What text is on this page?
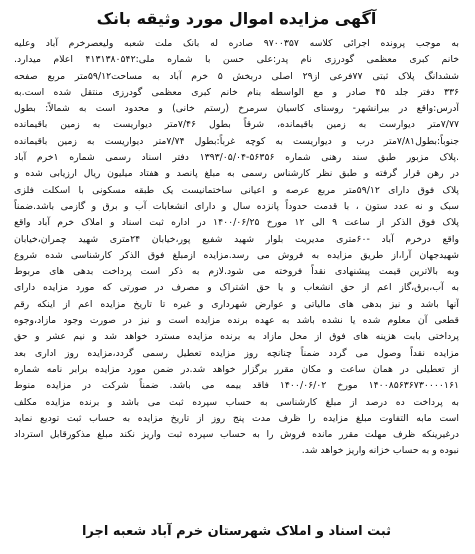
آگهی مزایده اموال مورد وثیقه بانک
به موجب پرونده اجرائی کلاسه ۹۷۰۰۳۵۷ صادره له بانک ملت شعبه ولیعصرخرم آباد وعلیه
خانم کبری معظمی گودرزی نام پدر:علی حسن با شماره ملی:۴۱۳۱۳۸۰۵۴۲ اعلام میدارد.
ششدانگ پلاک ثبتی ۷۷فرعی از۲۹ اصلی دربخش ۵ خرم آباد به مساحت۵۹/۱۲متر مربع صفحه
۳۳۶ دفتر جلد ۴۵ صادر و مع الواسطه بنام خانم کبری معظمی گودرزی منتقل شده است.به
آدرس:واقع در بیرانشهر- روستای کاسیان سرمرخ (رستم خانی) و محدود است به شمالاً: بطول
۷/۷۷متر دیوارست به زمین باقیمانده، شرقاً بطول ۷/۴۶متر دیواریست به زمین باقیمانده
جنوباً:بطول۷/۸۱متر درب و دیواریست به کوچه غرباً:بطول ۷/۷۴متر دیواریست به زمین باقیمانده
.پلاک مزبور طبق سند رهنی شماره ۵۶۳۵۶-۱۳۹۳/۰۵/۰۴ دفتر اسناد رسمی شماره ۱خرم آباد
در رهن قرار گرفته و طبق نظر کارشناس رسمی به مبلغ پانصد و هفتاد میلیون ریال ارزیابی شده و
پلاک فوق دارای ۵۹/۱۲متر مربع عرصه و اعیانی ساختمانیست یک طبقه مسکونی با اسکلت فلزی
سبک و نه عدد ستون ، با قدمت حدوداً پانزده سال و دارای انشعابات آب و برق و گازمی باشد.ضمناً
پلاک فوق الذکر از ساعت ۹ الی ۱۲ مورخ ۱۴۰۰/۰۶/۲۵ در اداره ثبت اسناد و املاک خرم آباد واقع
واقع درخرم آباد -۶۰متری مدیریت بلوار شهید شفیع پور،خیابان ۲۴متری شهید چمران،خیابان
شهیدجهان آرا،از طریق مزایده به فروش می رسد.مزایده ازمبلغ فوق الذکر کارشناسی شده شروع
وبه بالاترین قیمت پیشنهادی نقداً فروخته می شود.لازم به ذکر است پرداخت بدهی های مربوط
به آب،برق،گاز اعم از حق انشعاب و یا حق اشتراک و مصرف در صورتی که مورد مزایده دارای
آنها باشد و نیز بدهی های مالیاتی و عوارض شهرداری و غیره تا تاریخ مزایده اعم از اینکه رقم
قطعی آن معلوم شده یا نشده باشد به عهده برنده مزایده است و نیز در صورت وجود مازاد،وجوه
پرداختی بابت هزینه های فوق از محل مازاد به برنده مزایده مسترد خواهد شد و نیم عشر و حق
مزایده نقداً وصول می گردد ضمناً چنانچه روز مزایده تعطیل رسمی گردد،مزایده روز اداری بعد
از تعطیلی در همان ساعت و مکان مقرر برگزار خواهد شد.در ضمن مورد مزایده برابر نامه شماره
۱۴۰۰۸۵۶۳۶۷۳۰۰۰۰۱۶۱ مورخ ۱۴۰۰/۰۶/۰۲ فاقد بیمه می باشد. ضمناً شرکت در مزایده منوط
به پرداخت ده درصد از مبلغ کارشناسی به حساب سپرده ثبت می باشد و برنده مزایده مکلف
است مابه التفاوت مبلغ مزایده را ظرف مدت پنج روز از تاریخ مزایده به حساب ثبت تودیع نماید
درغیرینکه ظرف مهلت مقرر مانده فروش را به حساب سپرده ثبت واریز نکند مبلغ مذکورقابل استرداد
نبوده و به حساب خزانه واریز خواهد شد.
ثبت اسناد و املاک شهرستان خرم آباد شعبه اجرا
